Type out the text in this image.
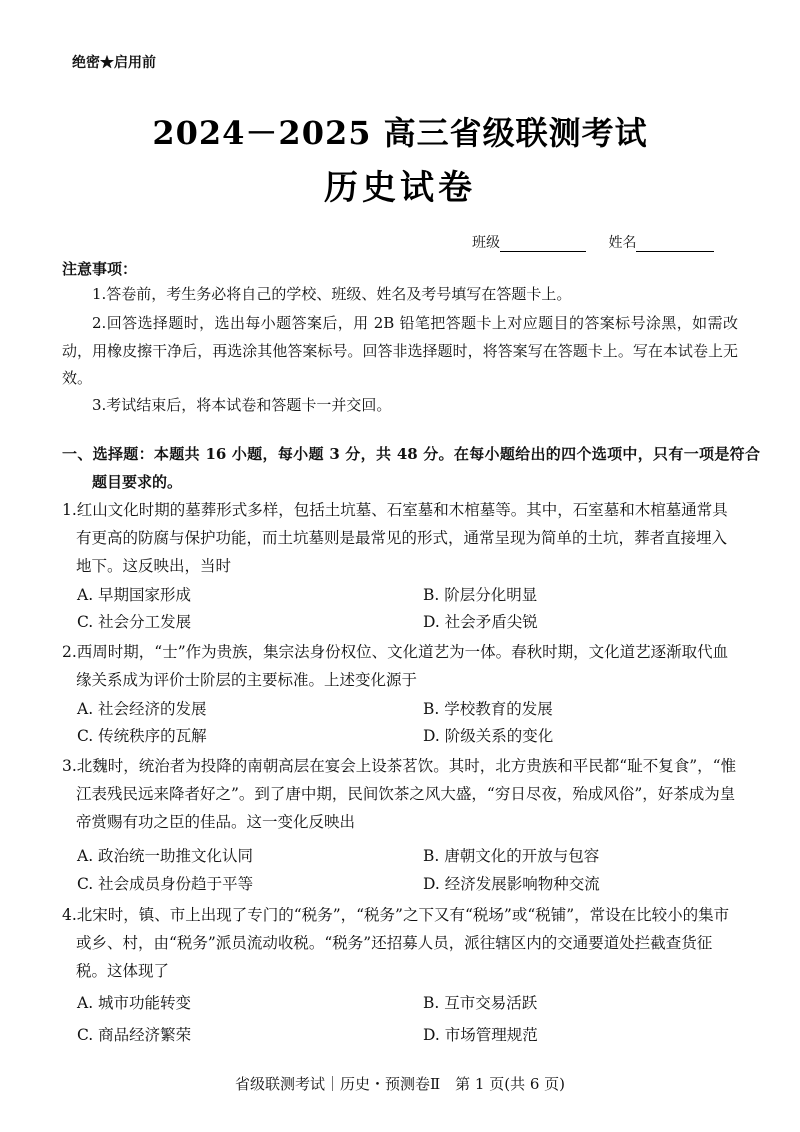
绝密★启用前
2024－2025 高三省级联测考试
历史试卷
班级	姓名
注意事项：
1.答卷前，考生务必将自己的学校、班级、姓名及考号填写在答题卡上。
2.回答选择题时，选出每小题答案后，用 2B 铅笔把答题卡上对应题目的答案标号涂黑，如需改动，用橡皮擦干净后，再选涂其他答案标号。回答非选择题时，将答案写在答题卡上。写在本试卷上无效。
3.考试结束后，将本试卷和答题卡一并交回。
一、选择题：本题共 16 小题，每小题 3 分，共 48 分。在每小题给出的四个选项中，只有一项是符合题目要求的。
1.红山文化时期的墓葬形式多样，包括土坑墓、石室墓和木棺墓等。其中，石室墓和木棺墓通常具有更高的防腐与保护功能，而土坑墓则是最常见的形式，通常呈现为简单的土坑，葬者直接埋入地下。这反映出，当时
A. 早期国家形成	B. 阶层分化明显
C. 社会分工发展	D. 社会矛盾尖锐
2.西周时期，“士”作为贵族，集宗法身份权位、文化道艺为一体。春秋时期，文化道艺逐渐取代血缘关系成为评价士阶层的主要标准。上述变化源于
A. 社会经济的发展	B. 学校教育的发展
C. 传统秩序的瓦解	D. 阶级关系的变化
3.北魏时，统治者为投降的南朝高层在宴会上设茶茗饮。其时，北方贵族和平民都“耻不复食”，“惟江表残民远来降者好之”。到了唐中期，民间饮茶之风大盛，“穷日尽夜，殆成风俗”，好茶成为皇帝赏赐有功之臣的佳品。这一变化反映出
A. 政治统一助推文化认同	B. 唐朝文化的开放与包容
C. 社会成员身份趋于平等	D. 经济发展影响物种交流
4.北宋时，镇、市上出现了专门的“税务”，“税务”之下又有“税场”或“税铺”，常设在比较小的集市或乡、村，由“税务”派员流动收税。“税务”还招募人员，派往辖区内的交通要道处拦截查货征税。这体现了
A. 城市功能转变	B. 互市交易活跃
C. 商品经济繁荣	D. 市场管理规范
省级联测考试｜历史・预测卷Ⅱ　第 1 页(共 6 页)
